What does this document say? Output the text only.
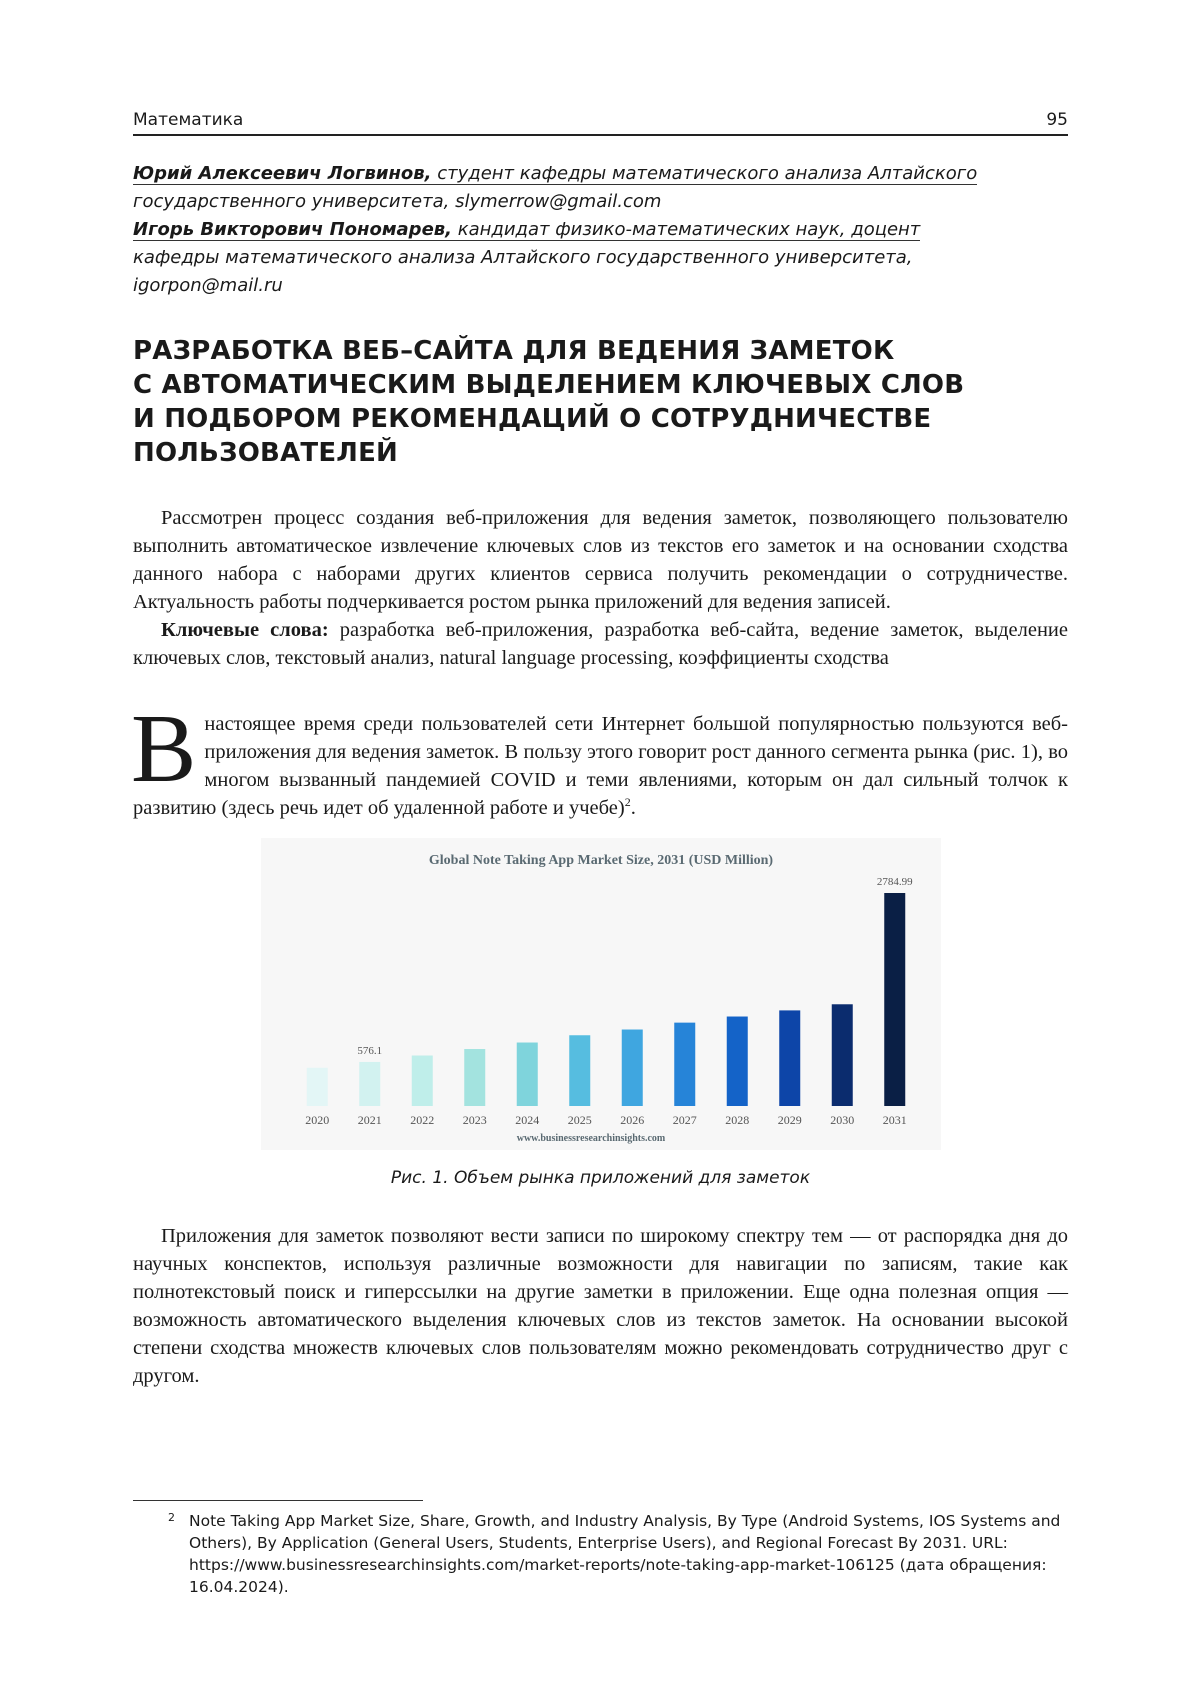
Математика	95

Юрий Алексеевич Логвинов, студент кафедры математического анализа Алтайского
государственного университета, slymerrow@gmail.com

Игорь Викторович Пономарев, кандидат физико-математических наук, доцент
кафедры математического анализа Алтайского государственного университета, igorpon@mail.ru

РАЗРАБОТКА ВЕБ–САЙТА ДЛЯ ВЕДЕНИЯ ЗАМЕТОК
С АВТОМАТИЧЕСКИМ ВЫДЕЛЕНИЕМ КЛЮЧЕВЫХ СЛОВ
И ПОДБОРОМ РЕКОМЕНДАЦИЙ О СОТРУДНИЧЕСТВЕ
ПОЛЬЗОВАТЕЛЕЙ

Рассмотрен процесс создания веб-приложения для ведения заметок, позволяющего пользователю выполнить автоматическое извлечение ключевых слов из текстов его заметок и на основании сходства данного набора с наборами других клиентов сервиса получить рекомендации о сотрудничестве. Актуальность работы подчеркивается ростом рынка приложений для ведения записей.

Ключевые слова: разработка веб-приложения, разработка веб-сайта, ведение заметок, выделение ключевых слов, текстовый анализ, natural language processing, коэффициенты сходства

В настоящее время среди пользователей сети Интернет большой популярностью пользуются веб-приложения для ведения заметок. В пользу этого говорит рост данного сегмента рынка (рис. 1), во многом вызванный пандемией COVID и теми явлениями, которым он дал сильный толчок к развитию (здесь речь идет об удаленной работе и учебе)$^2$.

Global Note Taking App Market Size, 2031 (USD Million)
2020 2021
576.1
2022 2023 2024 2025 2026 2027 2028 2029 2030 2031
2784.99
www.businessresearchinsights.com
Рис. 1. Объем рынка приложений для заметок

Приложения для заметок позволяют вести записи по широкому спектру тем — от распорядка дня до научных конспектов, используя различные возможности для навигации по записям, такие как полнотекстовый поиск и гиперссылки на другие заметки в приложении. Еще одна полезная опция — возможность автоматического выделения ключевых слов из текстов заметок. На основании высокой степени сходства множеств ключевых слов пользователям можно рекомендовать сотрудничество друг с другом.

2 Note Taking App Market Size, Share, Growth, and Industry Analysis, By Type (Android Systems, IOS Systems and Others), By Application (General Users, Students, Enterprise Users), and Regional Forecast By 2031. URL: https://www.businessresearchinsights.com/market-reports/note-taking-app-market-106125 (дата обращения: 16.04.2024).
